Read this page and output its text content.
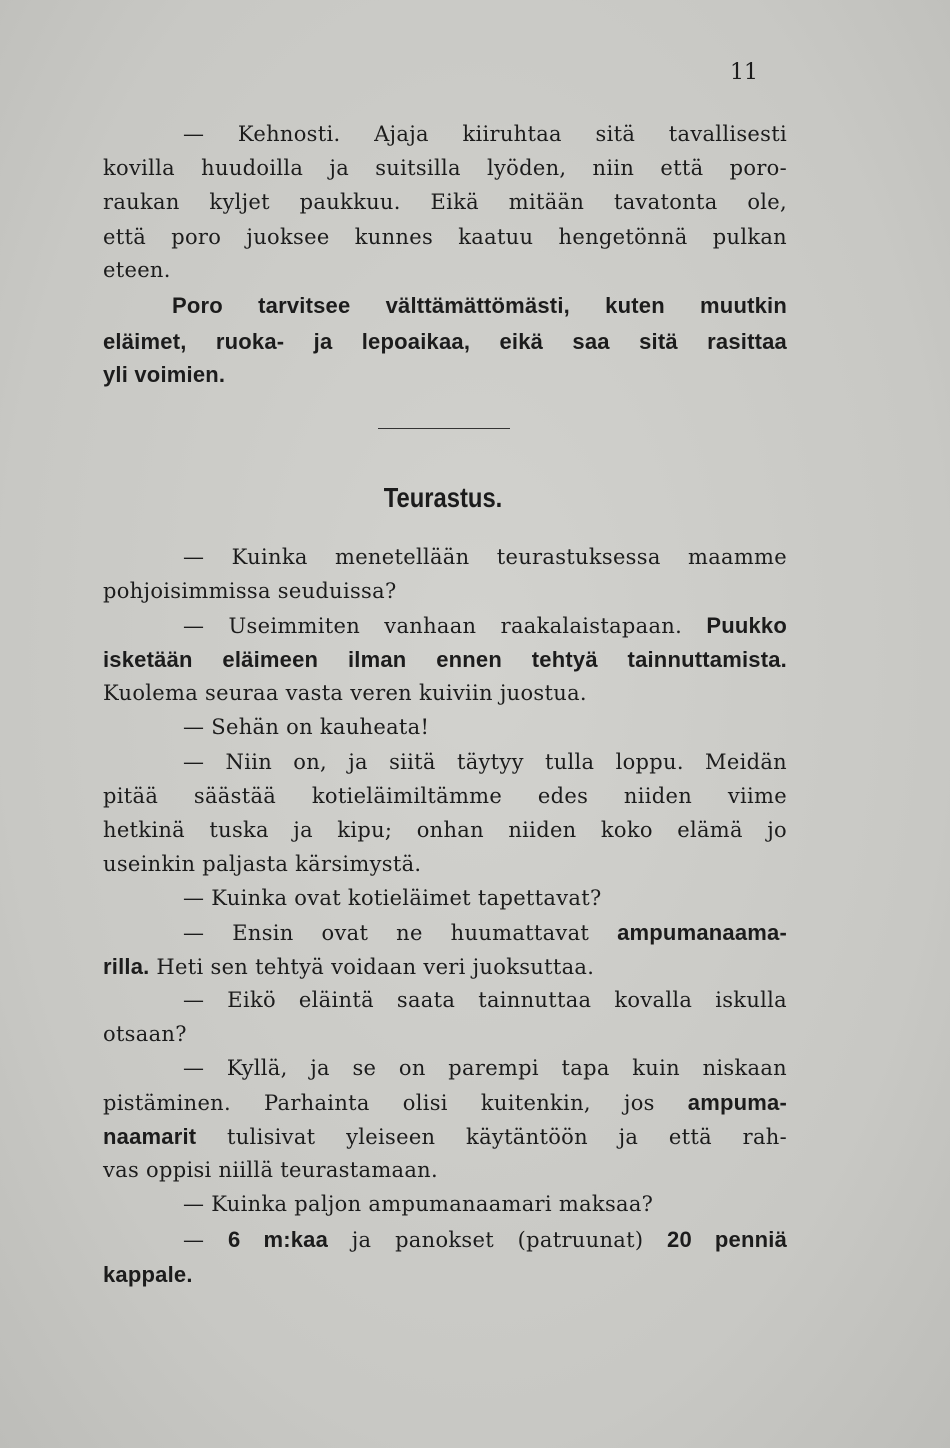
11
— Kehnosti. Ajaja kiiruhtaa sitä tavallisesti
kovilla huudoilla ja suitsilla lyöden, niin että poro-
raukan kyljet paukkuu. Eikä mitään tavatonta ole,
että poro juoksee kunnes kaatuu hengetönnä pulkan
eteen.
Poro tarvitsee välttämättömästi, kuten muutkin
eläimet, ruoka- ja lepoaikaa, eikä saa sitä rasittaa
yli voimien.
Teurastus.
— Kuinka menetellään teurastuksessa maamme
pohjoisimmissa seuduissa?
— Useimmiten vanhaan raakalaistapaan. Puukko
isketään eläimeen ilman ennen tehtyä tainnuttamista.
Kuolema seuraa vasta veren kuiviin juostua.
— Sehän on kauheata!
— Niin on, ja siitä täytyy tulla loppu. Meidän
pitää säästää kotieläimiltämme edes niiden viime
hetkinä tuska ja kipu; onhan niiden koko elämä jo
useinkin paljasta kärsimystä.
— Kuinka ovat kotieläimet tapettavat?
— Ensin ovat ne huumattavat ampumanaama-
rilla. Heti sen tehtyä voidaan veri juoksuttaa.
— Eikö eläintä saata tainnuttaa kovalla iskulla
otsaan?
— Kyllä, ja se on parempi tapa kuin niskaan
pistäminen. Parhainta olisi kuitenkin, jos ampuma-
naamarit tulisivat yleiseen käytäntöön ja että rah-
vas oppisi niillä teurastamaan.
— Kuinka paljon ampumanaamari maksaa?
— 6 m:kaa ja panokset (patruunat) 20 penniä
kappale.
